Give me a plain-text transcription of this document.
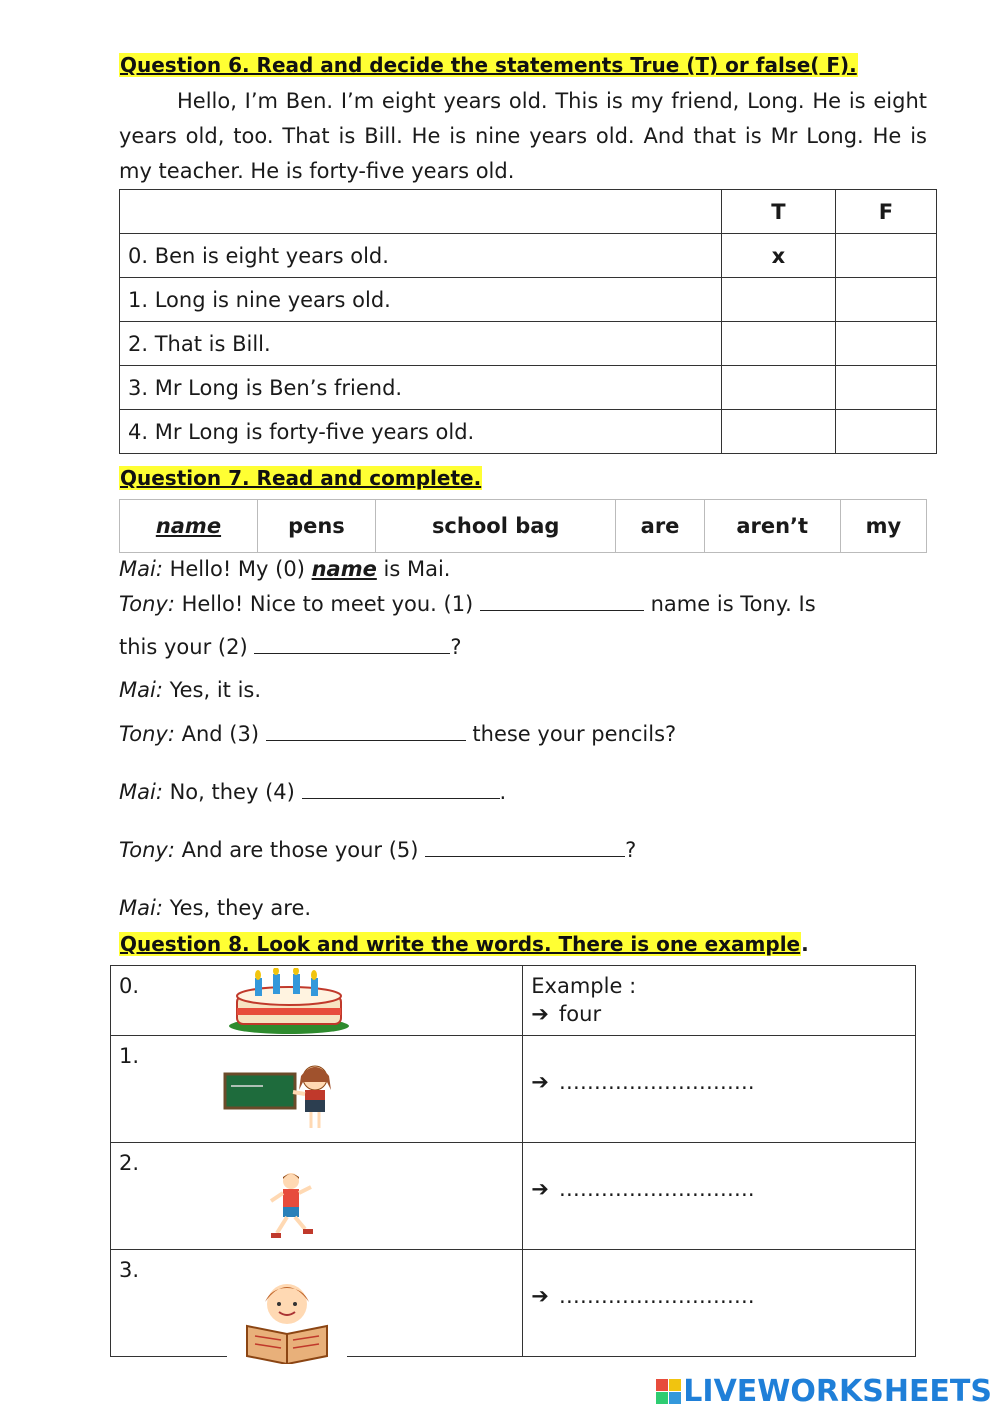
Question 6. Read and decide the statements True (T) or false( F).
Hello, I’m Ben. I’m eight years old. This is my friend, Long. He is eight years old, too. That is Bill. He is nine years old. And that is Mr Long. He is my teacher. He is forty-five years old.
	T	F
0. Ben is eight years old.	x	
1. Long is nine years old.		
2. That is Bill.		
3. Mr Long is Ben’s friend.		
4. Mr Long is forty-five years old.		
Question 7. Read and complete.
name	pens	school bag	are	aren’t	my
Mai: Hello! My (0) name is Mai.
Tony: Hello! Nice to meet you. (1)	name is Tony. Is
this your (2)	?
Mai: Yes, it is.
Tony: And (3)	these your pencils?
Mai: No, they (4)	.
Tony: And are those your (5)	?
Mai: Yes, they are.
Question 8. Look and write the words. There is one example.
0.	Example :
➔ four

1.	➔ ……………………….

2.	➔ ……………………….

3.	➔ ……………………….
LIVEWORKSHEETS
